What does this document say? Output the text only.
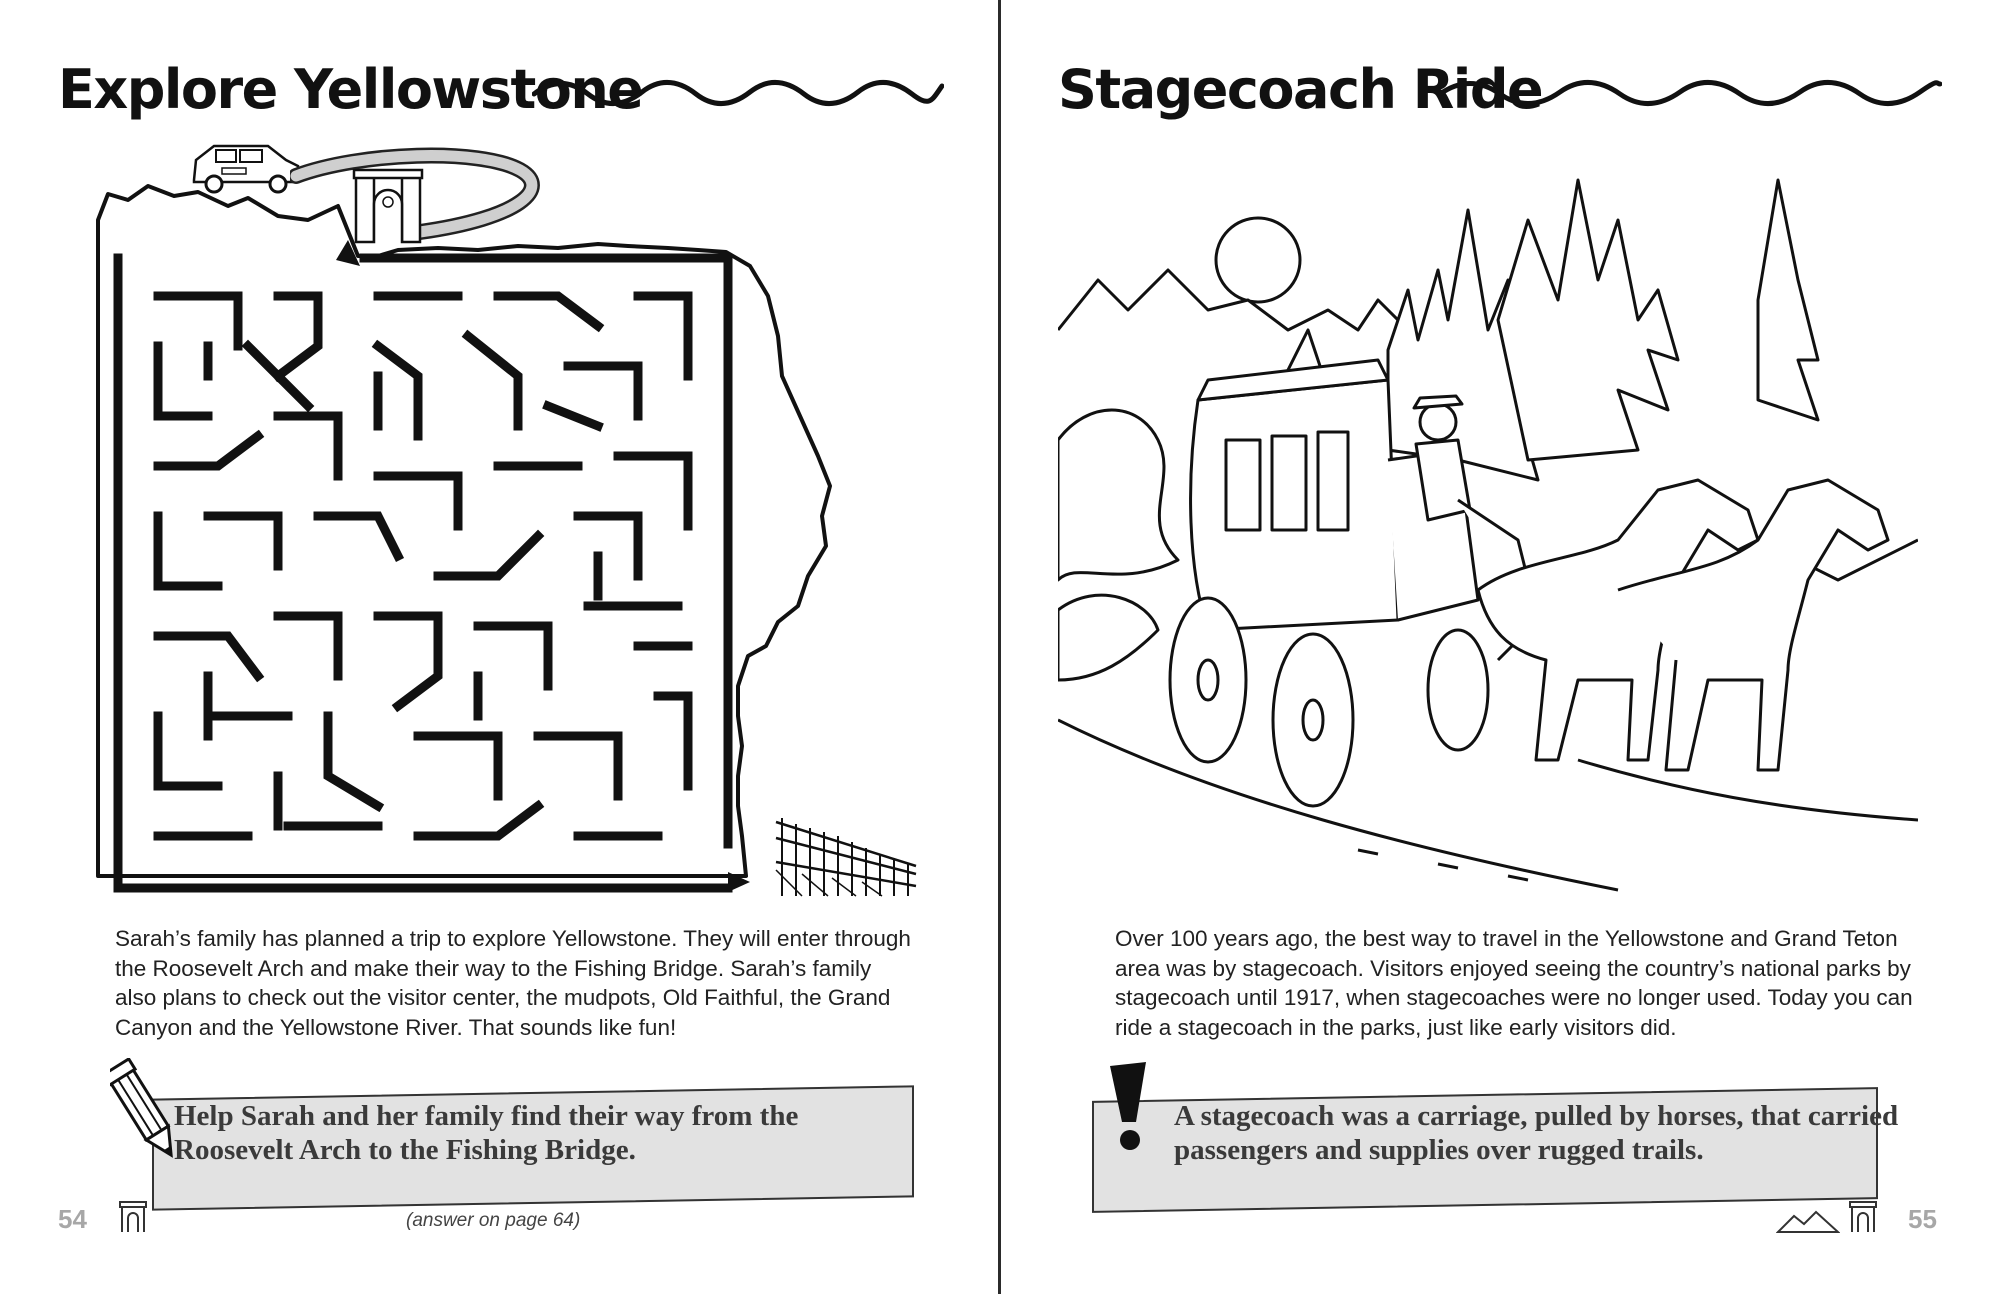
Explore Yellowstone

Sarah’s family has planned a trip to explore Yellowstone. They will enter through the Roosevelt Arch and make their way to the Fishing Bridge. Sarah’s family also plans to check out the visitor center, the mudpots, Old Faithful, the Grand Canyon and the Yellowstone River. That sounds like fun!

Help Sarah and her family find their way from the

Roosevelt Arch to the Fishing Bridge.

54	(answer on page 64)
Stagecoach Ride

Over 100 years ago, the best way to travel in the Yellowstone and Grand Teton area was by stagecoach. Visitors enjoyed seeing the country’s national parks by stagecoach until 1917, when stagecoaches were no longer used. Today you can ride a stagecoach in the parks, just like early visitors did.

A stagecoach was a carriage, pulled by horses, that carried

passengers and supplies over rugged trails.

55
